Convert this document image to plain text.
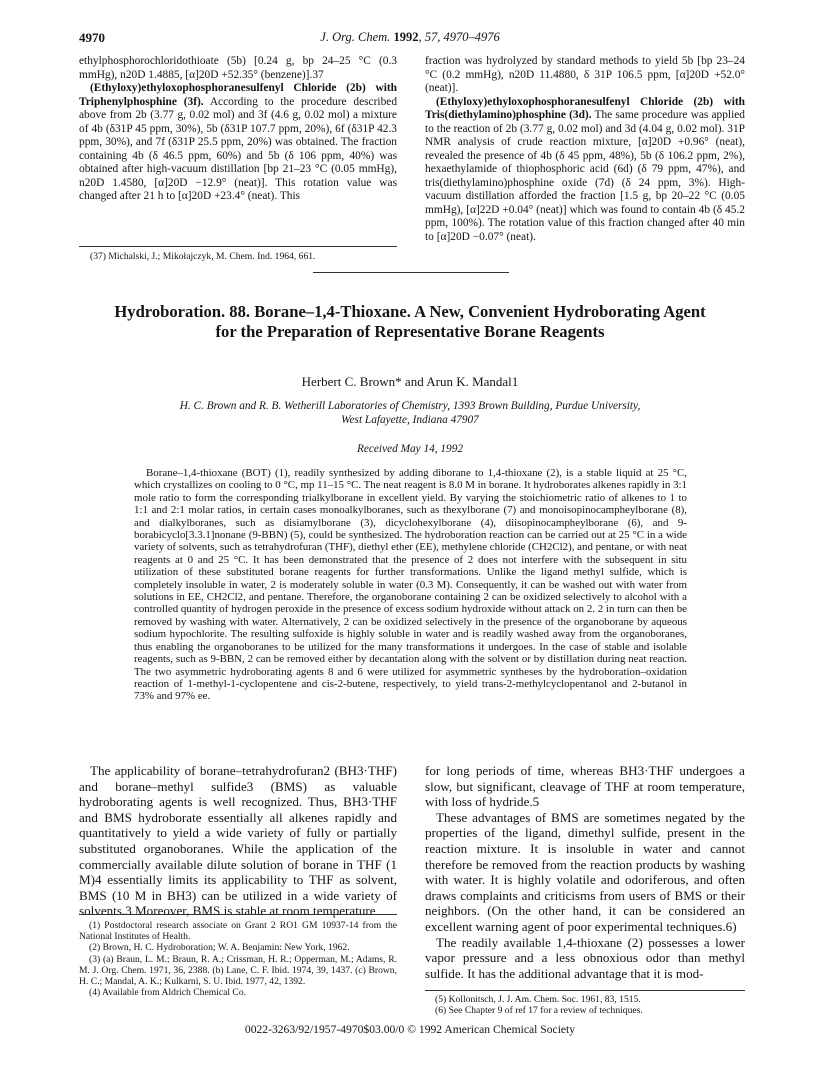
4970	J. Org. Chem. 1992, 57, 4970–4976

ethylphosphorochloridothioate (5b) [0.24 g, bp 24–25 °C (0.3 mmHg), n20D 1.4885, [α]20D +52.35° (benzene)].37

(Ethyloxy)ethyloxophosphoranesulfenyl Chloride (2b) with Triphenylphosphine (3f). According to the procedure described above from 2b (3.77 g, 0.02 mol) and 3f (4.6 g, 0.02 mol) a mixture of 4b (δ31P 45 ppm, 30%), 5b (δ31P 107.7 ppm, 20%), 6f (δ31P 42.3 ppm, 30%), and 7f (δ31P 25.5 ppm, 20%) was obtained. The fraction containing 4b (δ 46.5 ppm, 60%) and 5b (δ 106 ppm, 40%) was obtained after high-vacuum distillation [bp 21–23 °C (0.05 mmHg), n20D 1.4580, [α]20D −12.9° (neat)]. This rotation value was changed after 21 h to [α]20D +23.4° (neat). This

(37) Michalski, J.; Mikołajczyk, M. Chem. Ind. 1964, 661.

fraction was hydrolyzed by standard methods to yield 5b [bp 23–24 °C (0.2 mmHg), n20D 11.4880, δ 31P 106.5 ppm, [α]20D +52.0° (neat)].

(Ethyloxy)ethyloxophosphoranesulfenyl Chloride (2b) with Tris(diethylamino)phosphine (3d). The same procedure was applied to the reaction of 2b (3.77 g, 0.02 mol) and 3d (4.04 g, 0.02 mol). 31P NMR analysis of crude reaction mixture, [α]20D +0.96° (neat), revealed the presence of 4b (δ 45 ppm, 48%), 5b (δ 106.2 ppm, 2%), hexaethylamide of thiophosphoric acid (6d) (δ 79 ppm, 47%), and tris(diethylamino)phosphine oxide (7d) (δ 24 ppm, 3%). High-vacuum distillation afforded the fraction [1.5 g, bp 20–22 °C (0.05 mmHg), [α]22D +0.04° (neat)] which was found to contain 4b (δ 45.2 ppm, 100%). The rotation value of this fraction changed after 40 min to [α]20D −0.07° (neat).

Hydroboration. 88. Borane–1,4-Thioxane. A New, Convenient Hydroborating Agent for the Preparation of Representative Borane Reagents
Herbert C. Brown* and Arun K. Mandal1
H. C. Brown and R. B. Wetherill Laboratories of Chemistry, 1393 Brown Building, Purdue University,
West Lafayette, Indiana 47907
Received May 14, 1992

Borane–1,4-thioxane (BOT) (1), readily synthesized by adding diborane to 1,4-thioxane (2), is a stable liquid at 25 °C, which crystallizes on cooling to 0 °C, mp 11–15 °C. The neat reagent is 8.0 M in borane. It hydroborates alkenes rapidly in 3:1 mole ratio to form the corresponding trialkylborane in excellent yield. By varying the stoichiometric ratio of alkenes to 1 to 1:1 and 2:1 molar ratios, in certain cases monoalkylboranes, such as thexylborane (7) and monoisopinocampheylborane (8), and dialkylboranes, such as disiamylborane (3), dicyclohexylborane (4), diisopinocampheylborane (6), and 9-borabicyclo[3.3.1]nonane (9-BBN) (5), could be synthesized. The hydroboration reaction can be carried out at 25 °C in a wide variety of solvents, such as tetrahydrofuran (THF), diethyl ether (EE), methylene chloride (CH2Cl2), and pentane, or with neat reagents at 0 and 25 °C. It has been demonstrated that the presence of 2 does not interfere with the subsequent in situ utilization of these substituted borane reagents for further transformations. Unlike the ligand methyl sulfide, which is completely insoluble in water, 2 is moderately soluble in water (0.3 M). Consequently, it can be washed out with water from solutions in EE, CH2Cl2, and pentane. Therefore, the organoborane containing 2 can be oxidized selectively to alcohol with a controlled quantity of hydrogen peroxide in the presence of excess sodium hydroxide without attack on 2. 2 in turn can then be removed by washing with water. Alternatively, 2 can be oxidized selectively in the presence of the organoborane by aqueous sodium hypochlorite. The resulting sulfoxide is highly soluble in water and is readily washed away from the organoboranes, thus enabling the organoboranes to be utilized for the many transformations it undergoes. In the case of stable and isolable reagents, such as 9-BBN, 2 can be removed either by decantation along with the solvent or by distillation during neat reaction. The two asymmetric hydroborating agents 8 and 6 were utilized for asymmetric syntheses by the hydroboration–oxidation reaction of 1-methyl-1-cyclopentene and cis-2-butene, respectively, to yield trans-2-methylcyclopentanol and 2-butanol in 73% and 97% ee.

The applicability of borane–tetrahydrofuran2 (BH3·THF) and borane–methyl sulfide3 (BMS) as valuable hydroborating agents is well recognized. Thus, BH3·THF and BMS hydroborate essentially all alkenes rapidly and quantitatively to yield a wide variety of fully or partially substituted organoboranes. While the application of the commercially available dilute solution of borane in THF (1 M)4 essentially limits its applicability to THF as solvent, BMS (10 M in BH3) can be utilized in a wide variety of solvents.3 Moreover, BMS is stable at room temperature

(1) Postdoctoral research associate on Grant 2 RO1 GM 10937-14 from the National Institutes of Health.

(2) Brown, H. C. Hydroboration; W. A. Benjamin: New York, 1962.

(3) (a) Braun, L. M.; Braun, R. A.; Crissman, H. R.; Opperman, M.; Adams, R. M. J. Org. Chem. 1971, 36, 2388. (b) Lane, C. F. Ibid. 1974, 39, 1437. (c) Brown, H. C.; Mandal, A. K.; Kulkarni, S. U. Ibid. 1977, 42, 1392.

(4) Available from Aldrich Chemical Co.

for long periods of time, whereas BH3·THF undergoes a slow, but significant, cleavage of THF at room temperature, with loss of hydride.5

These advantages of BMS are sometimes negated by the properties of the ligand, dimethyl sulfide, present in the reaction mixture. It is insoluble in water and cannot therefore be removed from the reaction products by washing with water. It is highly volatile and odoriferous, and often draws complaints and criticisms from users of BMS or their neighbors. (On the other hand, it can be considered an excellent warning agent of poor experimental techniques.6)

The readily available 1,4-thioxane (2) possesses a lower vapor pressure and a less obnoxious odor than methyl sulfide. It has the additional advantage that it is mod-

(5) Kollonitsch, J. J. Am. Chem. Soc. 1961, 83, 1515.

(6) See Chapter 9 of ref 17 for a review of techniques.

0022-3263/92/1957-4970$03.00/0 © 1992 American Chemical Society
